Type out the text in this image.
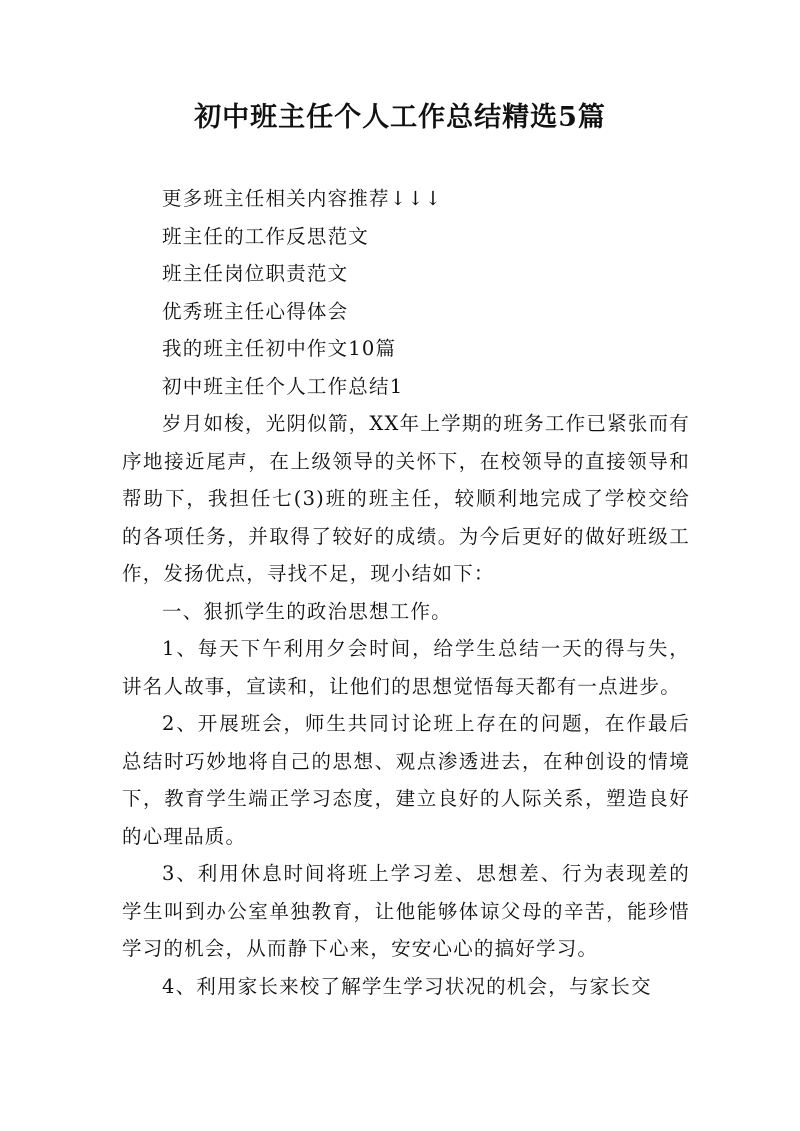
初中班主任个人工作总结精选5篇
更多班主任相关内容推荐↓↓↓
班主任的工作反思范文
班主任岗位职责范文
优秀班主任心得体会
我的班主任初中作文10篇
初中班主任个人工作总结1

岁月如梭，光阴似箭，XX年上学期的班务工作已紧张而有序地接近尾声，在上级领导的关怀下，在校领导的直接领导和帮助下，我担任七(3)班的班主任，较顺利地完成了学校交给的各项任务，并取得了较好的成绩。为今后更好的做好班级工作，发扬优点，寻找不足，现小结如下：

一、狠抓学生的政治思想工作。

1、每天下午利用夕会时间，给学生总结一天的得与失，讲名人故事，宣读和，让他们的思想觉悟每天都有一点进步。

2、开展班会，师生共同讨论班上存在的问题，在作最后总结时巧妙地将自己的思想、观点渗透进去，在种创设的情境下，教育学生端正学习态度，建立良好的人际关系，塑造良好的心理品质。

3、利用休息时间将班上学习差、思想差、行为表现差的学生叫到办公室单独教育，让他能够体谅父母的辛苦，能珍惜学习的机会，从而静下心来，安安心心的搞好学习。

4、利用家长来校了解学生学习状况的机会，与家长交
